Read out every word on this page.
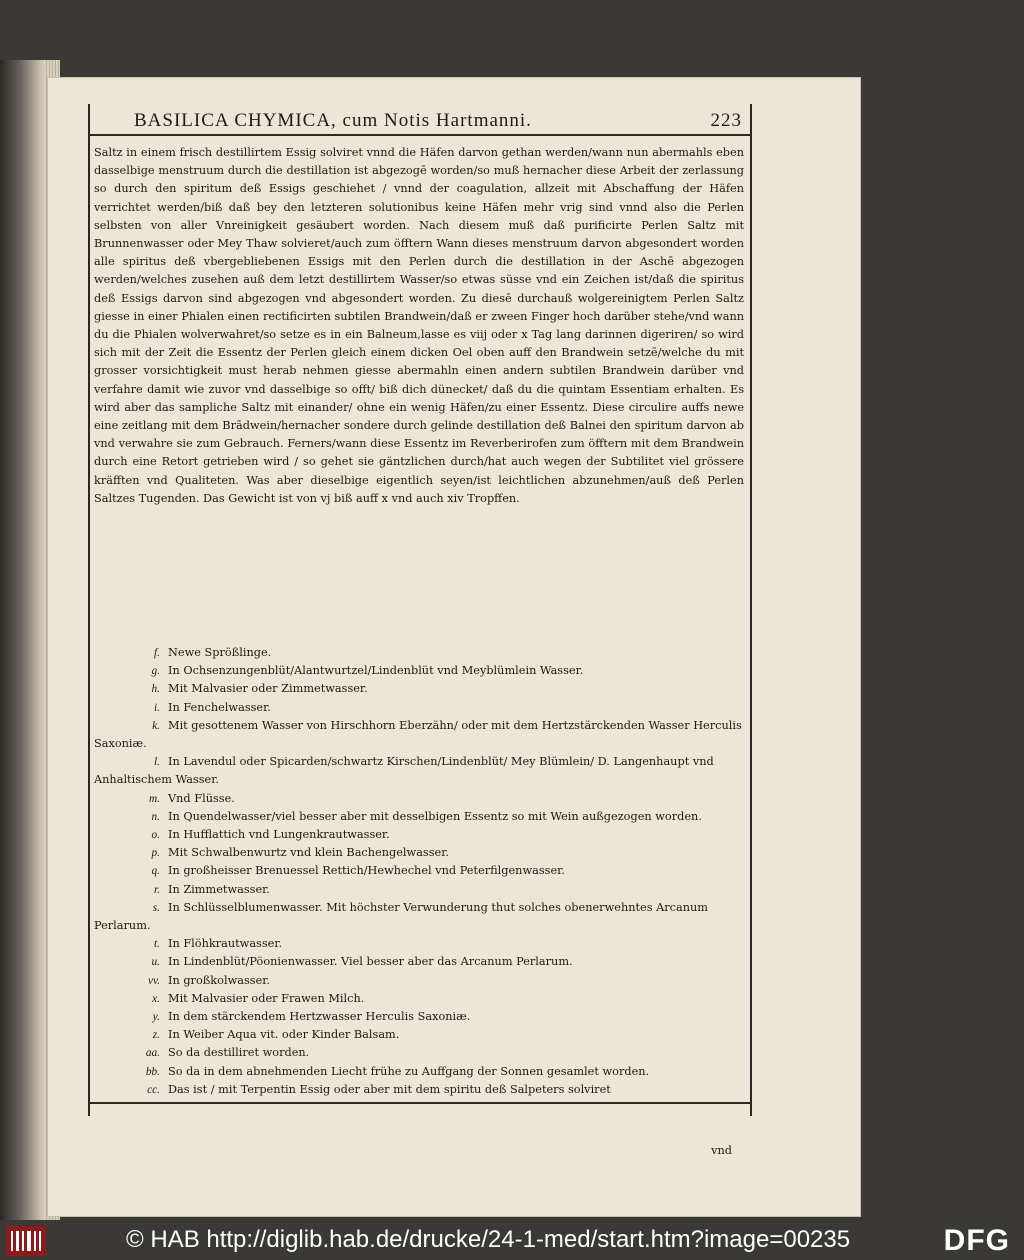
BASILICA CHYMICA, cum Notis Hartmanni.	223

Saltz in einem frisch destillirtem Essig solviret vnnd die Häfen darvon gethan werden/wann nun abermahls eben dasselbige menstruum durch die destillation ist abgezogē worden/so muß hernacher diese Arbeit der zerlassung so durch den spiritum deß Essigs geschiehet / vnnd der coagulation, allzeit mit Abschaffung der Häfen verrichtet werden/biß daß bey den letzteren solutionibus keine Häfen mehr vrig sind vnnd also die Perlen selbsten von aller Vnreinigkeit gesäubert worden. Nach diesem muß daß purificirte Perlen Saltz mit Brunnenwasser oder Mey Thaw solvieret/auch zum öfftern Wann dieses menstruum darvon abgesondert worden alle spiritus deß vbergebliebenen Essigs mit den Perlen durch die destillation in der Aschē abgezogen werden/welches zusehen auß dem letzt destillirtem Wasser/so etwas süsse vnd ein Zeichen ist/daß die spiritus deß Essigs darvon sind abgezogen vnd abgesondert worden. Zu diesē durchauß wolgereinigtem Perlen Saltz giesse in einer Phialen einen rectificirten subtilen Brandwein/daß er zween Finger hoch darüber stehe/vnd wann du die Phialen wolverwahret/so setze es in ein Balneum,lasse es viij oder x Tag lang darinnen digeriren/ so wird sich mit der Zeit die Essentz der Perlen gleich einem dicken Oel oben auff den Brandwein setzē/welche du mit grosser vorsichtigkeit must herab nehmen giesse abermahln einen andern subtilen Brandwein darüber vnd verfahre damit wie zuvor vnd dasselbige so offt/ biß dich dünecket/ daß du die quintam Essentiam erhalten. Es wird aber das sampliche Saltz mit einander/ ohne ein wenig Häfen/zu einer Essentz. Diese circulire auffs newe eine zeitlang mit dem Brādwein/hernacher sondere durch gelinde destillation deß Balnei den spiritum darvon ab vnd verwahre sie zum Gebrauch. Ferners/wann diese Essentz im Reverberirofen zum öfftern mit dem Brandwein durch eine Retort getrieben wird / so gehet sie gäntzlichen durch/hat auch wegen der Subtilitet viel grössere kräfften vnd Qualiteten. Was aber dieselbige eigentlich seyen/ist leichtlichen abzunehmen/auß deß Perlen Saltzes Tugenden. Das Gewicht ist von vj biß auff x vnd auch xiv Tropffen.

f. Newe Sprößlinge.

g. In Ochsenzungenblüt/Alantwurtzel/Lindenblüt vnd Meyblümlein Wasser.

h. Mit Malvasier oder Zimmetwasser.

i. In Fenchelwasser.

k. Mit gesottenem Wasser von Hirschhorn Eberzähn/ oder mit dem Hertzstärckenden Wasser Herculis Saxoniæ.

l. In Lavendul oder Spicarden/schwartz Kirschen/Lindenblüt/ Mey Blümlein/ D. Langenhaupt vnd Anhaltischem Wasser.

m. Vnd Flüsse.

n. In Quendelwasser/viel besser aber mit desselbigen Essentz so mit Wein außgezogen worden.

o. In Hufflattich vnd Lungenkrautwasser.

p. Mit Schwalbenwurtz vnd klein Bachengelwasser.

q. In großheisser Brenuessel Rettich/Hewhechel vnd Peterfilgenwasser.

r. In Zimmetwasser.

s. In Schlüsselblumenwasser. Mit höchster Verwunderung thut solches obenerwehntes Arcanum Perlarum.

t. In Flöhkrautwasser.

u. In Lindenblüt/Pöonienwasser. Viel besser aber das Arcanum Perlarum.

vv. In großkolwasser.

x. Mit Malvasier oder Frawen Milch.

y. In dem stärckendem Hertzwasser Herculis Saxoniæ.

z. In Weiber Aqua vit. oder Kinder Balsam.

aa. So da destilliret worden.

bb. So da in dem abnehmenden Liecht frühe zu Auffgang der Sonnen gesamlet worden.

cc. Das ist / mit Terpentin Essig oder aber mit dem spiritu deß Salpeters solviret

vnd
© HAB http://diglib.hab.de/drucke/24-1-med/start.htm?image=00235	DFG
